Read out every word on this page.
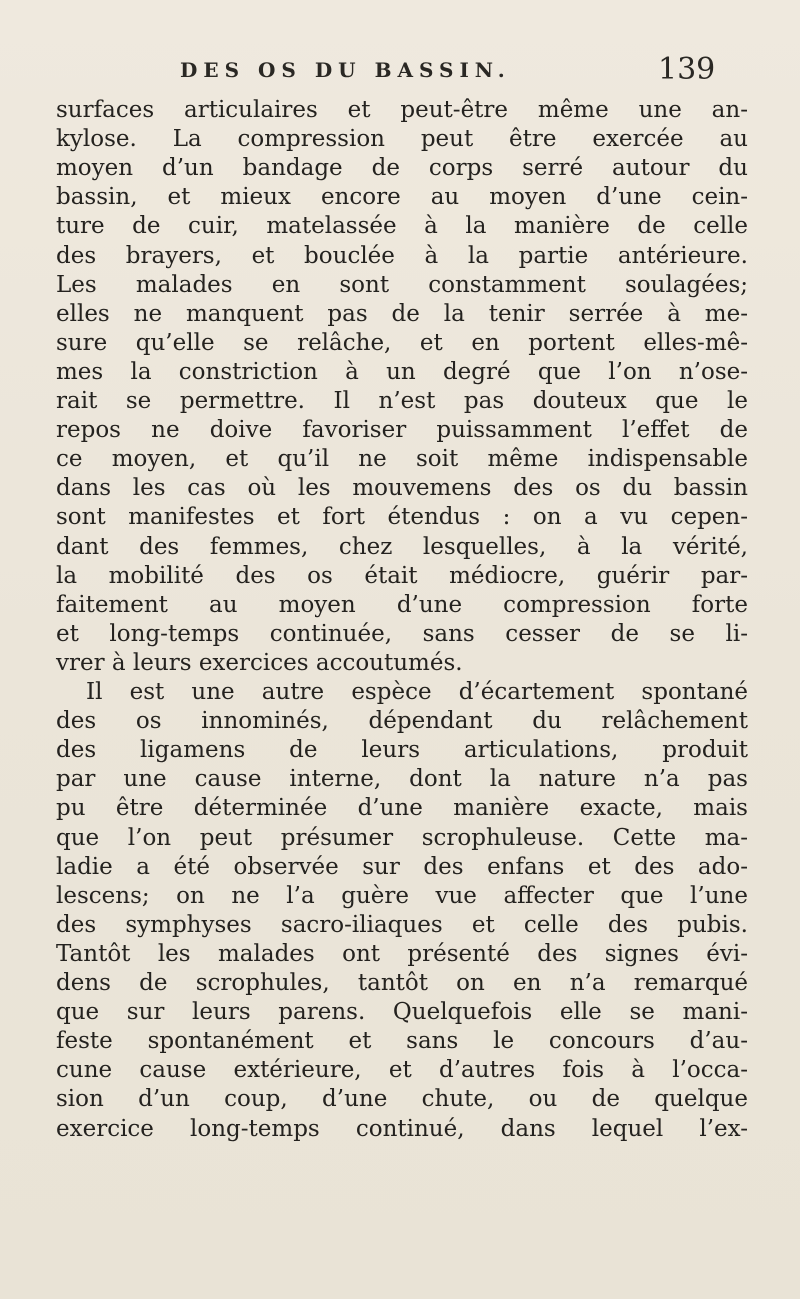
DES OS DU BASSIN.	139
surfaces articulaires et peut-être même une an-
kylose. La compression peut être exercée au
moyen d’un bandage de corps serré autour du
bassin, et mieux encore au moyen d’une cein-
ture de cuir, matelassée à la manière de celle
des brayers, et bouclée à la partie antérieure.
Les malades en sont constamment soulagées;
elles ne manquent pas de la tenir serrée à me-
sure qu’elle se relâche, et en portent elles-mê-
mes la constriction à un degré que l’on n’ose-
rait se permettre. Il n’est pas douteux que le
repos ne doive favoriser puissamment l’effet de
ce moyen, et qu’il ne soit même indispensable
dans les cas où les mouvemens des os du bassin
sont manifestes et fort étendus : on a vu cepen-
dant des femmes, chez lesquelles, à la vérité,
la mobilité des os était médiocre, guérir par-
faitement au moyen d’une compression forte
et long-temps continuée, sans cesser de se li-
vrer à leurs exercices accoutumés.
Il est une autre espèce d’écartement spontané
des os innominés, dépendant du relâchement
des ligamens de leurs articulations, produit
par une cause interne, dont la nature n’a pas
pu être déterminée d’une manière exacte, mais
que l’on peut présumer scrophuleuse. Cette ma-
ladie a été observée sur des enfans et des ado-
lescens; on ne l’a guère vue affecter que l’une
des symphyses sacro-iliaques et celle des pubis.
Tantôt les malades ont présenté des signes évi-
dens de scrophules, tantôt on en n’a remarqué
que sur leurs parens. Quelquefois elle se mani-
feste spontanément et sans le concours d’au-
cune cause extérieure, et d’autres fois à l’occa-
sion d’un coup, d’une chute, ou de quelque
exercice long-temps continué, dans lequel l’ex-
